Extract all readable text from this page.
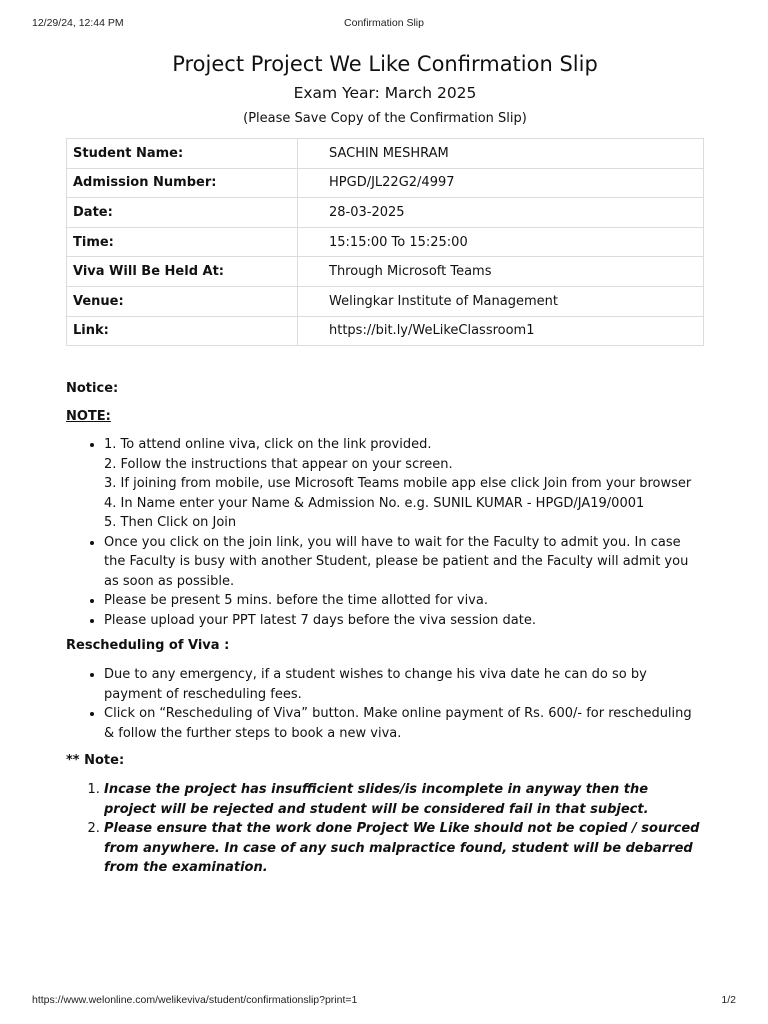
12/29/24, 12:44 PM	Confirmation Slip
Project Project We Like Confirmation Slip
Exam Year: March 2025
(Please Save Copy of the Confirmation Slip)
Student Name:	SACHIN MESHRAM
Admission Number:	HPGD/JL22G2/4997
Date:	28-03-2025
Time:	15:15:00 To 15:25:00
Viva Will Be Held At:	Through Microsoft Teams
Venue:	Welingkar Institute of Management
Link:	https://bit.ly/WeLikeClassroom1
Notice:
NOTE:
• 1. To attend online viva, click on the link provided.
2. Follow the instructions that appear on your screen.
3. If joining from mobile, use Microsoft Teams mobile app else click Join from your browser
4. In Name enter your Name & Admission No. e.g. SUNIL KUMAR - HPGD/JA19/0001
5. Then Click on Join
• Once you click on the join link, you will have to wait for the Faculty to admit you. In case the Faculty is busy with another Student, please be patient and the Faculty will admit you as soon as possible.
• Please be present 5 mins. before the time allotted for viva.
• Please upload your PPT latest 7 days before the viva session date.
Rescheduling of Viva :
• Due to any emergency, if a student wishes to change his viva date he can do so by payment of rescheduling fees.
• Click on “Rescheduling of Viva” button. Make online payment of Rs. 600/- for rescheduling & follow the further steps to book a new viva.
** Note:
1. Incase the project has insufficient slides/is incomplete in anyway then the project will be rejected and student will be considered fail in that subject.
2. Please ensure that the work done Project We Like should not be copied / sourced from anywhere. In case of any such malpractice found, student will be debarred from the examination.
https://www.welonline.com/welikeviva/student/confirmationslip?print=1	1/2
